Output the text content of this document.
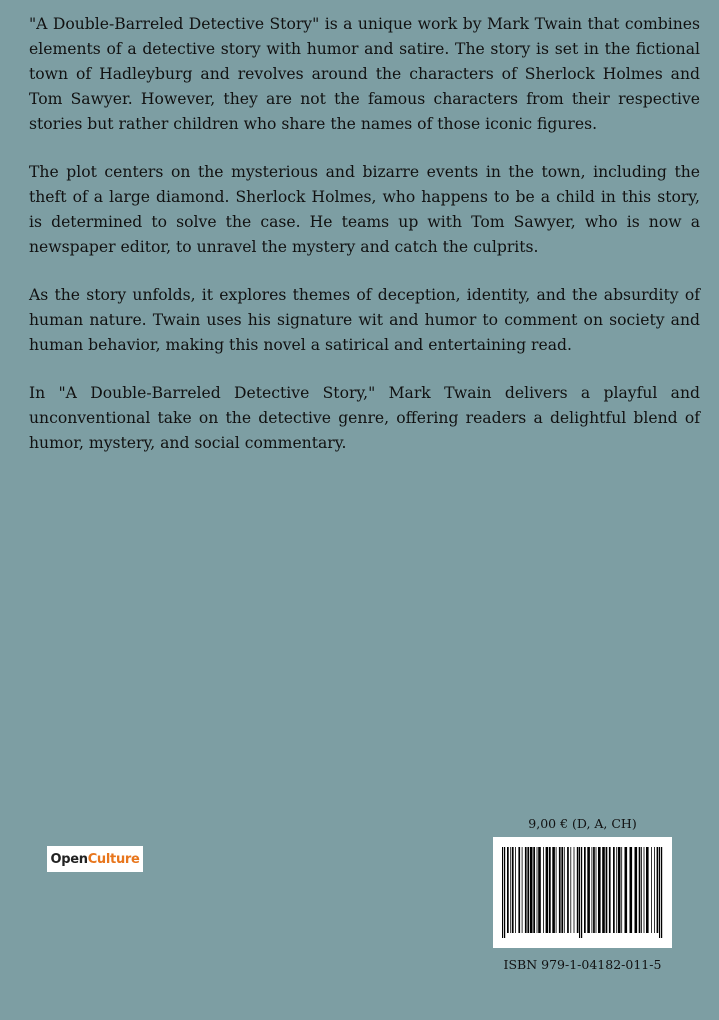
"A Double-Barreled Detective Story" is a unique work by Mark Twain that combines elements of a detective story with humor and satire. The story is set in the fictional town of Hadleyburg and revolves around the characters of Sherlock Holmes and Tom Sawyer. However, they are not the famous characters from their respective stories but rather children who share the names of those iconic figures.

The plot centers on the mysterious and bizarre events in the town, including the theft of a large diamond. Sherlock Holmes, who happens to be a child in this story, is determined to solve the case. He teams up with Tom Sawyer, who is now a newspaper editor, to unravel the mystery and catch the culprits.

As the story unfolds, it explores themes of deception, identity, and the absurdity of human nature. Twain uses his signature wit and humor to comment on society and human behavior, making this novel a satirical and entertaining read.

In "A Double-Barreled Detective Story," Mark Twain delivers a playful and unconventional take on the detective genre, offering readers a delightful blend of humor, mystery, and social commentary.

Open Culture
9,00 € (D, A, CH)
ISBN 979-1-04182-011-5
